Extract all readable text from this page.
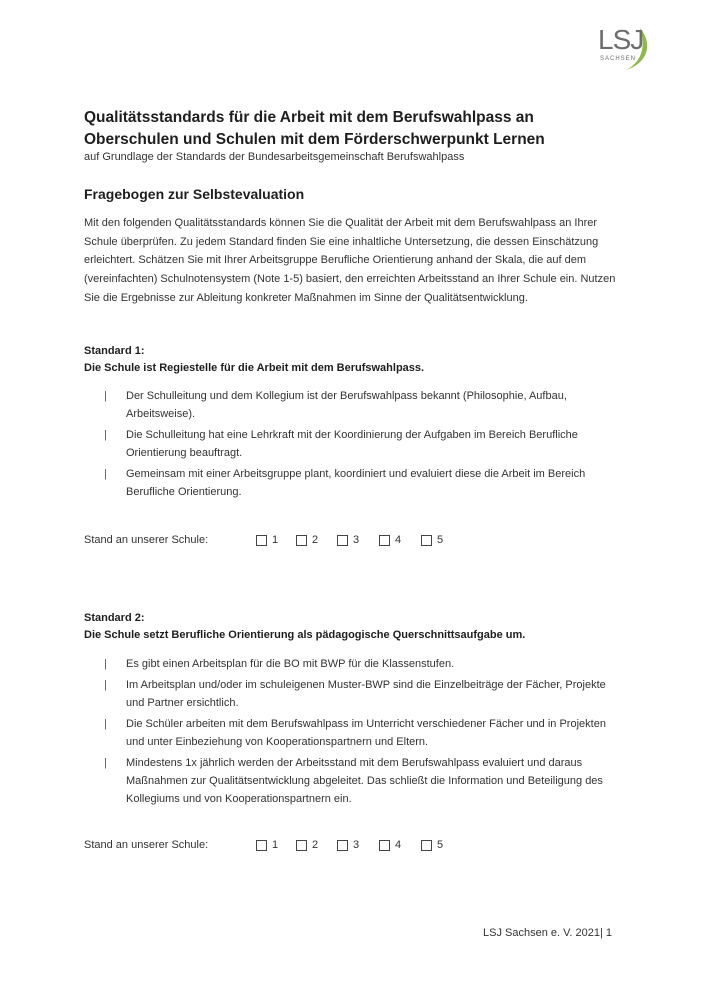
LSJ
SACHSEN
Qualitätsstandards für die Arbeit mit dem Berufswahlpass an
Oberschulen und Schulen mit dem Förderschwerpunkt Lernen
auf Grundlage der Standards der Bundesarbeitsgemeinschaft Berufswahlpass
Fragebogen zur Selbstevaluation
Mit den folgenden Qualitätsstandards können Sie die Qualität der Arbeit mit dem Berufswahlpass an Ihrer Schule überprüfen. Zu jedem Standard finden Sie eine inhaltliche Untersetzung, die dessen Einschätzung erleichtert. Schätzen Sie mit Ihrer Arbeitsgruppe Berufliche Orientierung anhand der Skala, die auf dem (vereinfachten) Schulnotensystem (Note 1-5) basiert, den erreichten Arbeitsstand an Ihrer Schule ein. Nutzen Sie die Ergebnisse zur Ableitung konkreter Maßnahmen im Sinne der Qualitätsentwicklung.
Standard 1:
Die Schule ist Regiestelle für die Arbeit mit dem Berufswahlpass.
| Der Schulleitung und dem Kollegium ist der Berufswahlpass bekannt (Philosophie, Aufbau, Arbeitsweise).
| Die Schulleitung hat eine Lehrkraft mit der Koordinierung der Aufgaben im Bereich Berufliche Orientierung beauftragt.
| Gemeinsam mit einer Arbeitsgruppe plant, koordiniert und evaluiert diese die Arbeit im Bereich Berufliche Orientierung.
Stand an unserer Schule:	1	2	3	4	5
Standard 2:
Die Schule setzt Berufliche Orientierung als pädagogische Querschnittsaufgabe um.
| Es gibt einen Arbeitsplan für die BO mit BWP für die Klassenstufen.
| Im Arbeitsplan und/oder im schuleigenen Muster-BWP sind die Einzelbeiträge der Fächer, Projekte und Partner ersichtlich.
| Die Schüler arbeiten mit dem Berufswahlpass im Unterricht verschiedener Fächer und in Projekten und unter Einbeziehung von Kooperationspartnern und Eltern.
| Mindestens 1x jährlich werden der Arbeitsstand mit dem Berufswahlpass evaluiert und daraus Maßnahmen zur Qualitätsentwicklung abgeleitet. Das schließt die Information und Beteiligung des Kollegiums und von Kooperationspartnern ein.
Stand an unserer Schule:	1	2	3	4	5
LSJ Sachsen e. V. 2021| 1
